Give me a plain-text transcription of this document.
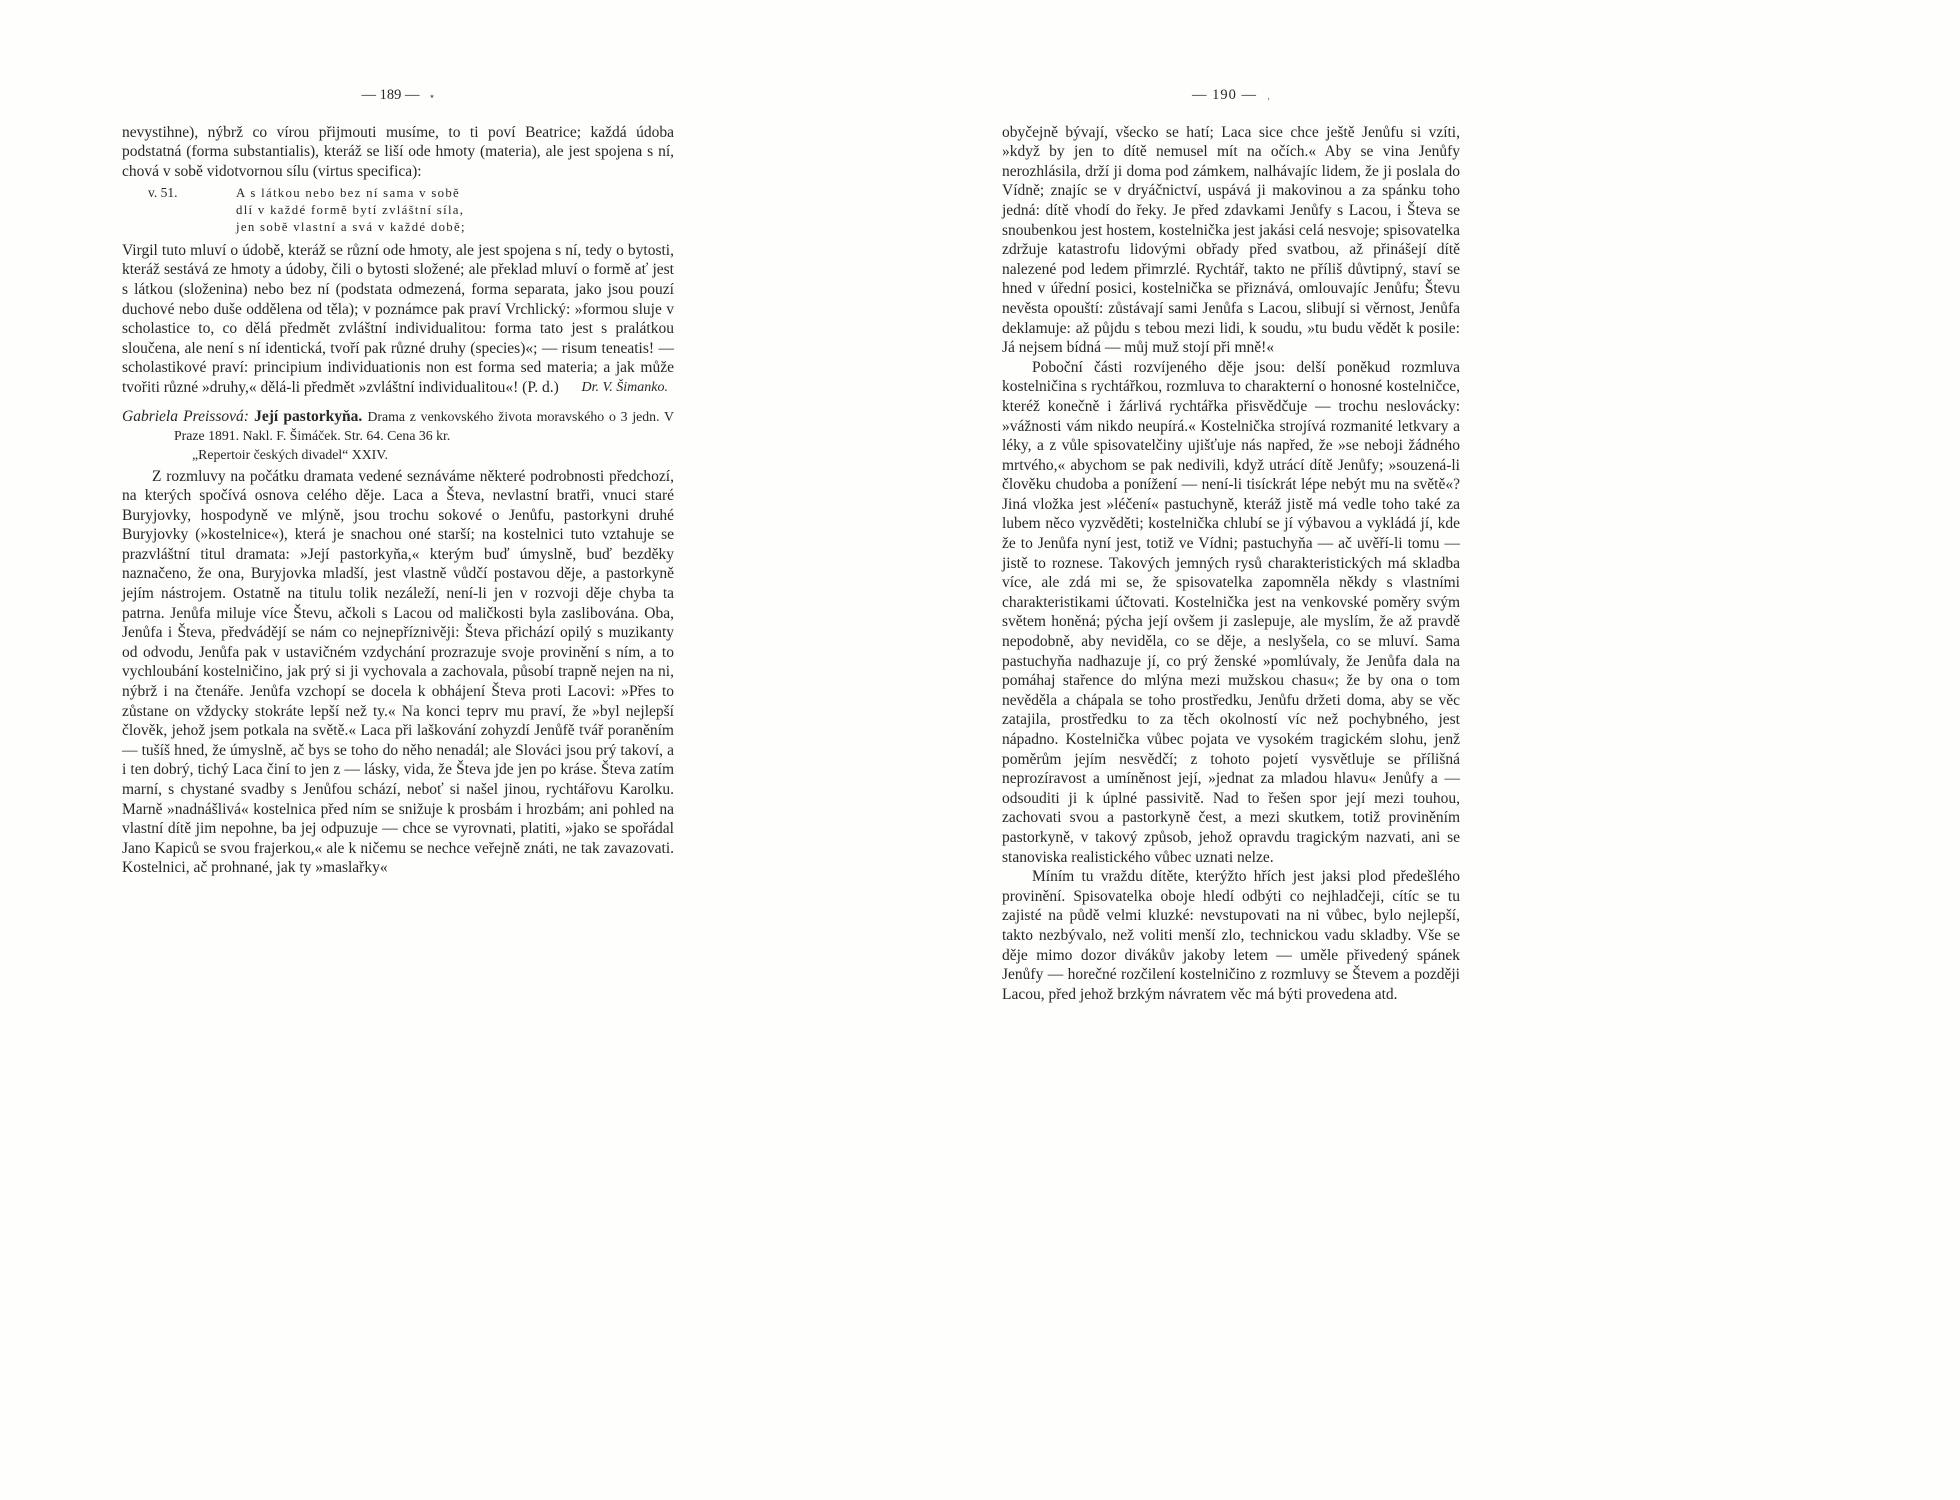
— 189 — ٭

nevystihne), nýbrž co vírou přijmouti musíme, to ti poví Beatrice; každá údoba podstatná (forma substantialis), kteráž se liší ode hmoty (materia), ale jest spojena s ní, chová v sobě vidotvornou sílu (virtus specifica):

v. 51.	A s látkou nebo bez ní sama v sobě
dlí v každé formě bytí zvláštní síla,
jen sobě vlastní a svá v každé době;

Virgil tuto mluví o údobě, kteráž se různí ode hmoty, ale jest spojena s ní, tedy o bytosti, kteráž sestává ze hmoty a údoby, čili o bytosti složené; ale překlad mluví o formě ať jest s látkou (složenina) nebo bez ní (podstata odmezená, forma separata, jako jsou pouzí duchové nebo duše oddělena od těla); v poznámce pak praví Vrchlický: »formou sluje v scholastice to, co dělá předmět zvláštní individualitou: forma tato jest s pralátkou sloučena, ale není s ní identická, tvoří pak různé druhy (species)«; — risum teneatis! — scholastikové praví: principium individuationis non est forma sed materia; a jak může tvořiti různé »druhy,« dělá-li předmět »zvláštní individualitou«! (P. d.)	Dr. V. Šimanko.
Gabriela Preissová: Její pastorkyňa. Drama z venkovského života moravského o 3 jedn. V Praze 1891. Nakl. F. Šimáček. Str. 64. Cena 36 kr.
„Repertoir českých divadel“ XXIV.

Z rozmluvy na počátku dramata vedené seznáváme některé podrobnosti předchozí, na kterých spočívá osnova celého děje. Laca a Števa, nevlastní bratři, vnuci staré Buryjovky, hospodyně ve mlýně, jsou trochu sokové o Jenůfu, pastorkyni druhé Buryjovky (»kostelnice«), která je snachou oné starší; na kostelnici tuto vztahuje se prazvláštní titul dramata: »Její pastorkyňa,« kterým buď úmyslně, buď bezděky naznačeno, že ona, Buryjovka mladší, jest vlastně vůdčí postavou děje, a pastorkyně jejím nástrojem. Ostatně na titulu tolik nezáleží, není-li jen v rozvoji děje chyba ta patrna. Jenůfa miluje více Števu, ačkoli s Lacou od maličkosti byla zaslibována. Oba, Jenůfa i Števa, předvádějí se nám co nejnepříznivěji: Števa přichází opilý s muzikanty od odvodu, Jenůfa pak v ustavičném vzdychání prozrazuje svoje provinění s ním, a to vychloubání kostelničino, jak prý si ji vychovala a zachovala, působí trapně nejen na ni, nýbrž i na čtenáře. Jenůfa vzchopí se docela k obhájení Števa proti Lacovi: »Přes to zůstane on vždycky stokráte lepší než ty.« Na konci teprv mu praví, že »byl nejlepší člověk, jehož jsem potkala na světě.« Laca při laškování zohyzdí Jenůfě tvář poraněním — tušíš hned, že úmyslně, ač bys se toho do něho nenadál; ale Slováci jsou prý takoví, a i ten dobrý, tichý Laca činí to jen z — lásky, vida, že Števa jde jen po kráse. Števa zatím marní, s chystané svadby s Jenůfou schází, neboť si našel jinou, rychtářovu Karolku. Marně »nadnášlivá« kostelnica před ním se snižuje k prosbám i hrozbám; ani pohled na vlastní dítě jim nepohne, ba jej odpuzuje — chce se vyrovnati, platiti, »jako se spořádal Jano Kapiců se svou frajerkou,« ale k ničemu se nechce veřejně znáti, ne tak zavazovati. Kostelnici, ač prohnané, jak ty »maslařky«

— 190 — ‚

obyčejně bývají, všecko se hatí; Laca sice chce ještě Jenůfu si vzíti, »když by jen to dítě nemusel mít na očích.« Aby se vina Jenůfy nerozhlásila, drží ji doma pod zámkem, nalhávajíc lidem, že ji poslala do Vídně; znajíc se v dryáčnictví, uspává ji makovinou a za spánku toho jedná: dítě vhodí do řeky. Je před zdavkami Jenůfy s Lacou, i Števa se snoubenkou jest hostem, kostelnička jest jakási celá nesvoje; spisovatelka zdržuje katastrofu lidovými obřady před svatbou, až přinášejí dítě nalezené pod ledem přimrzlé. Rychtář, takto ne příliš důvtipný, staví se hned v úřední posici, kostelnička se přiznává, omlouvajíc Jenůfu; Števu nevěsta opouští: zůstávají sami Jenůfa s Lacou, slibují si věrnost, Jenůfa deklamuje: až půjdu s tebou mezi lidi, k soudu, »tu budu vědět k posile: Já nejsem bídná — můj muž stojí při mně!«

Poboční části rozvíjeného děje jsou: delší poněkud rozmluva kostelničina s rychtářkou, rozmluva to charakterní o honosné kostelničce, kteréž konečně i žárlivá rychtářka přisvědčuje — trochu neslovácky: »vážnosti vám nikdo neupírá.« Kostelnička strojívá rozmanité letkvary a léky, a z vůle spisovatelčiny ujišťuje nás napřed, že »se neboji žádného mrtvého,« abychom se pak nedivili, když utrácí dítě Jenůfy; »souzená-li člověku chudoba a ponížení — není-li tisíckrát lépe nebýt mu na světě«? Jiná vložka jest »léčení« pastuchyně, kteráž jistě má vedle toho také za lubem něco vyzvěděti; kostelnička chlubí se jí výbavou a vykládá jí, kde že to Jenůfa nyní jest, totiž ve Vídni; pastuchyňa — ač uvěří-li tomu — jistě to roznese. Takových jemných rysů charakteristických má skladba více, ale zdá mi se, že spisovatelka zapomněla někdy s vlastními charakteristikami účtovati. Kostelnička jest na venkovské poměry svým světem honěná; pýcha její ovšem ji zaslepuje, ale myslím, že až pravdě nepodobně, aby neviděla, co se děje, a neslyšela, co se mluví. Sama pastuchyňa nadhazuje jí, co prý ženské »pomlúvaly, že Jenůfa dala na pomáhaj stařence do mlýna mezi mužskou chasu«; že by ona o tom nevěděla a chápala se toho prostředku, Jenůfu držeti doma, aby se věc zatajila, prostředku to za těch okolností víc než pochybného, jest nápadno. Kostelnička vůbec pojata ve vysokém tragickém slohu, jenž poměrům jejím nesvědčí; z tohoto pojetí vysvětluje se přílišná neprozíravost a umíněnost její, »jednat za mladou hlavu« Jenůfy a — odsouditi ji k úplné passivitě. Nad to řešen spor její mezi touhou, zachovati svou a pastorkyně čest, a mezi skutkem, totiž proviněním pastorkyně, v takový způsob, jehož opravdu tragickým nazvati, ani se stanoviska realistického vůbec uznati nelze.

Míním tu vraždu dítěte, kterýžto hřích jest jaksi plod předešlého provinění. Spisovatelka oboje hledí odbýti co nejhladčeji, cítíc se tu zajisté na půdě velmi kluzké: nevstupovati na ni vůbec, bylo nejlepší, takto nezbývalo, než voliti menší zlo, technickou vadu skladby. Vše se děje mimo dozor divákův jakoby letem — uměle přivedený spánek Jenůfy — horečné rozčilení kostelničino z rozmluvy se Števem a později Lacou, před jehož brzkým návratem věc má býti provedena atd.
